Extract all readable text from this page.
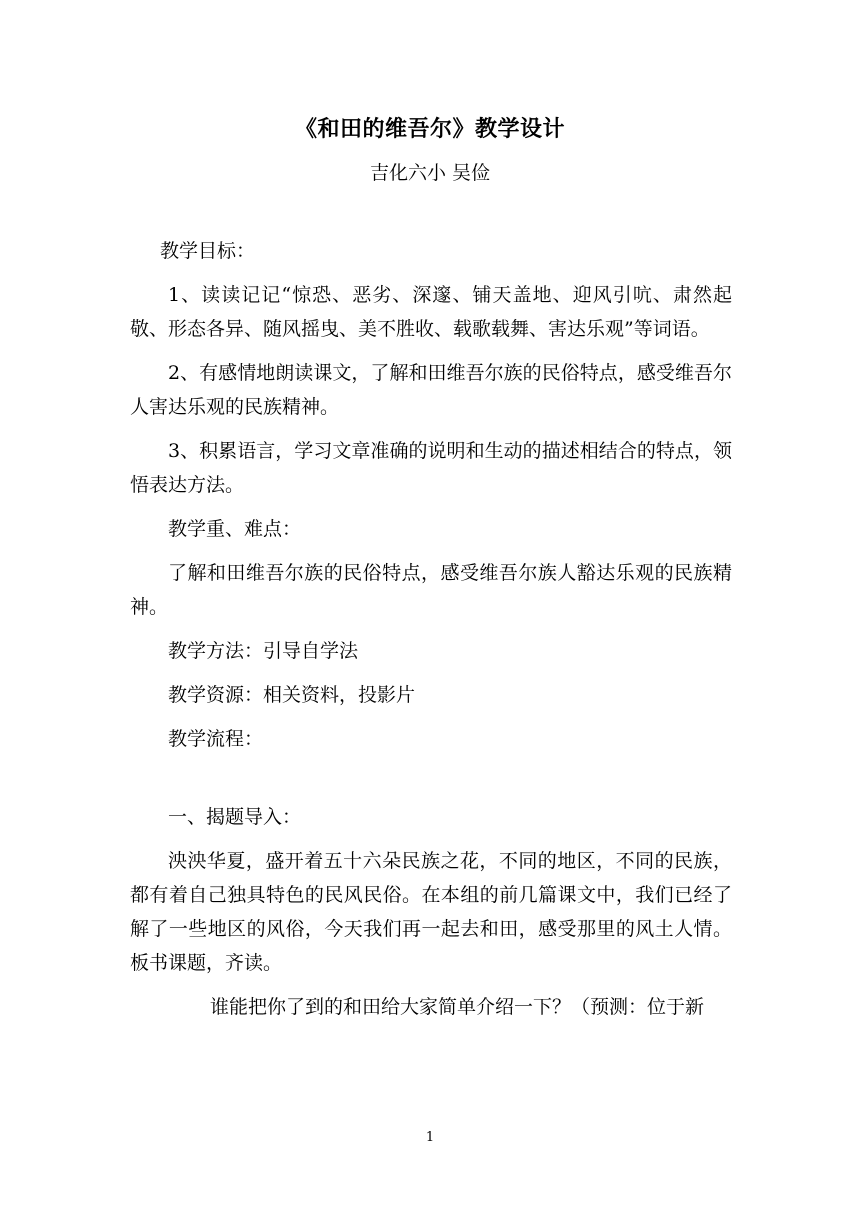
《和田的维吾尔》教学设计
吉化六小 吴俭

教学目标：

1、读读记记“惊恐、恶劣、深邃、铺天盖地、迎风引吭、肃然起敬、形态各异、随风摇曳、美不胜收、载歌载舞、害达乐观”等词语。

2、有感情地朗读课文，了解和田维吾尔族的民俗特点，感受维吾尔人害达乐观的民族精神。

3、积累语言，学习文章准确的说明和生动的描述相结合的特点，领悟表达方法。

教学重、难点：

了解和田维吾尔族的民俗特点，感受维吾尔族人豁达乐观的民族精神。

教学方法：引导自学法

教学资源：相关资料，投影片

教学流程：

一、揭题导入：

泱泱华夏，盛开着五十六朵民族之花，不同的地区，不同的民族，都有着自己独具特色的民风民俗。在本组的前几篇课文中，我们已经了解了一些地区的风俗，今天我们再一起去和田，感受那里的风土人情。板书课题，齐读。

谁能把你了到的和田给大家简单介绍一下？（预测：位于新

1
